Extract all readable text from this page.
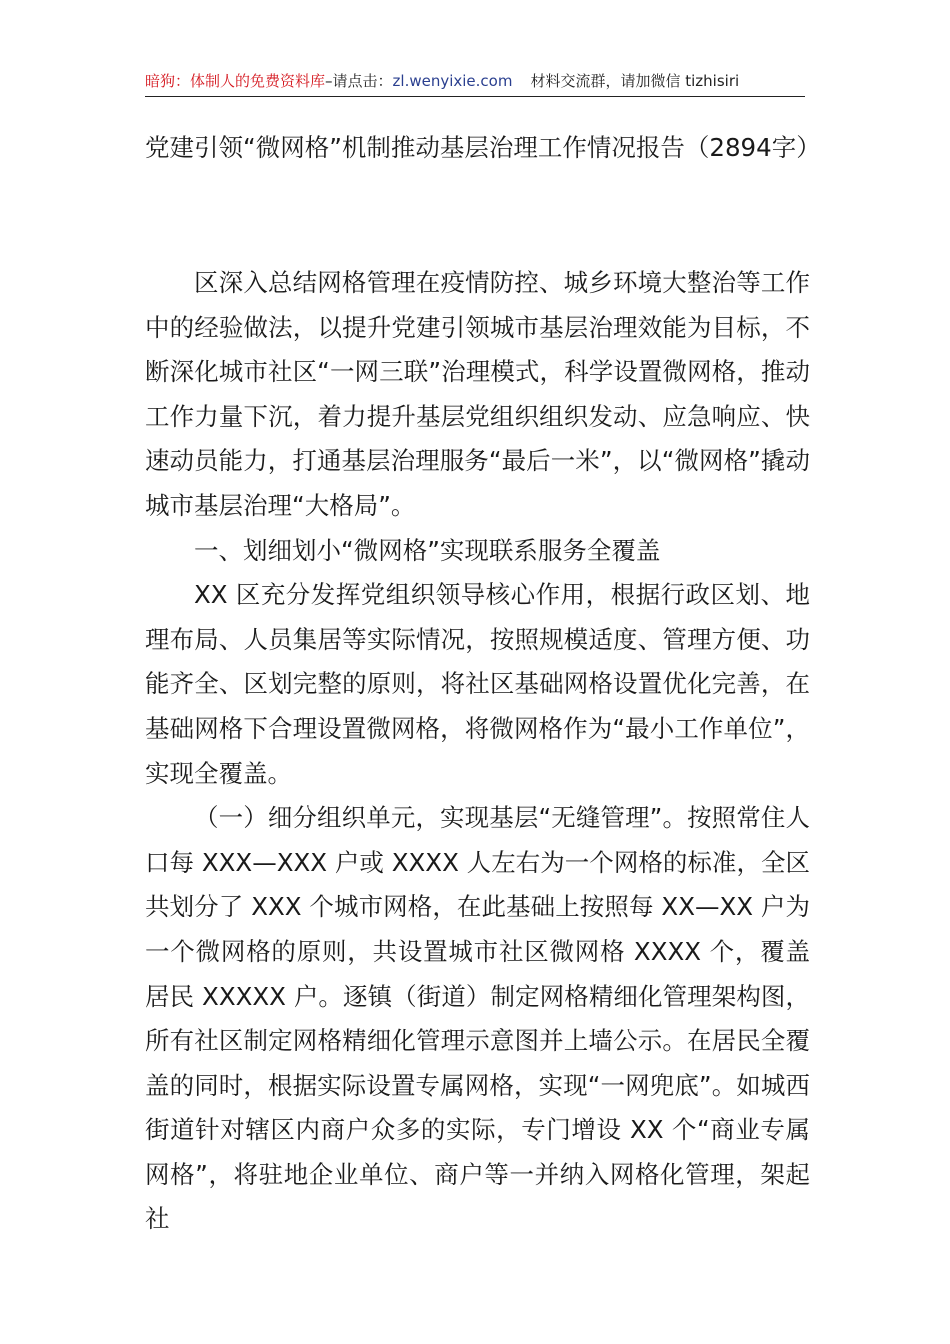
暗狗：体制人的免费资料库–请点击：zl.wenyixie.com 材料交流群，请加微信 tizhisiri
党建引领“微网格”机制推动基层治理工作情况报告（2894字）

区深入总结网格管理在疫情防控、城乡环境大整治等工作中的经验做法，以提升党建引领城市基层治理效能为目标，不断深化城市社区“一网三联”治理模式，科学设置微网格，推动工作力量下沉，着力提升基层党组织组织发动、应急响应、快速动员能力，打通基层治理服务“最后一米”，以“微网格”撬动城市基层治理“大格局”。

一、划细划小“微网格”实现联系服务全覆盖

XX 区充分发挥党组织领导核心作用，根据行政区划、地理布局、人员集居等实际情况，按照规模适度、管理方便、功能齐全、区划完整的原则，将社区基础网格设置优化完善，在基础网格下合理设置微网格，将微网格作为“最小工作单位”，实现全覆盖。

（一）细分组织单元，实现基层“无缝管理”。按照常住人口每 XXX—XXX 户或 XXXX 人左右为一个网格的标准，全区共划分了 XXX 个城市网格，在此基础上按照每 XX—XX 户为一个微网格的原则，共设置城市社区微网格 XXXX 个，覆盖居民 XXXXX 户。逐镇（街道）制定网格精细化管理架构图，所有社区制定网格精细化管理示意图并上墙公示。在居民全覆盖的同时，根据实际设置专属网格，实现“一网兜底”。如城西街道针对辖区内商户众多的实际，专门增设 XX 个“商业专属网格”，将驻地企业单位、商户等一并纳入网格化管理，架起社
